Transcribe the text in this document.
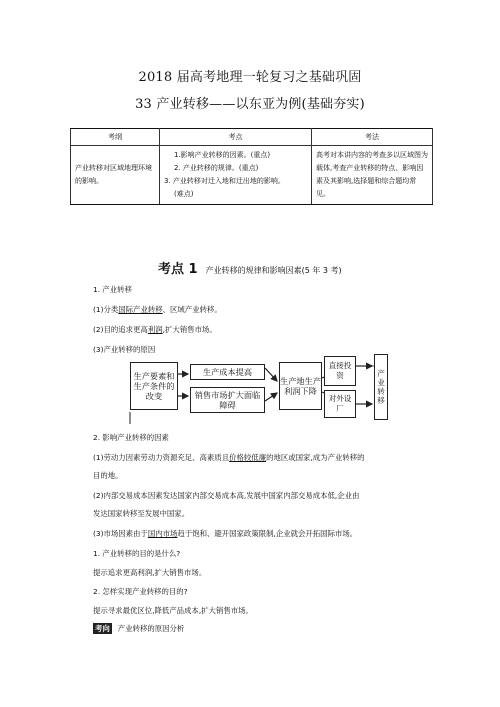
2018 届高考地理一轮复习之基础巩固
33 产业转移——以东亚为例(基础夯实)
考纲	考点	考法
产业转移对区域地理环境的影响。	1.影响产业转移的因素。(重点)
2. 产业转移的规律。(重点)
3. 产业转移对迁入地和迁出地的影响。
(难点)	高考对本讲内容的考查多以区域图为载体,考查产业转移的特点、影响因素及其影响,选择题和综合题均常见。
考点 1 产业转移的规律和影响因素(5 年 3 考)
1. 产业转移
(1)分类国际产业转移、区域产业转移。
(2)目的追求更高利润,扩大销售市场。
(3)产业转移的原因
生产要素和生产条件的改变
生产成本提高
销售市场扩大面临障碍
生产地生产利润下降
直接投资
对外设厂
产业转移
2. 影响产业转移的因素
(1)劳动力因素劳动力资源充足、高素质且价格较低廉的地区或国家,成为产业转移的
目的地。
(2)内部交易成本因素发达国家内部交易成本高,发展中国家内部交易成本低,企业由
发达国家转移至发展中国家。
(3)市场因素由于国内市场趋于饱和、避开国家政策限制,企业就会开拓国际市场。
1. 产业转移的目的是什么?
提示追求更高利润,扩大销售市场。
2. 怎样实现产业转移的目的?
提示寻求最优区位,降低产品成本,扩大销售市场。
考向 产业转移的原因分析
